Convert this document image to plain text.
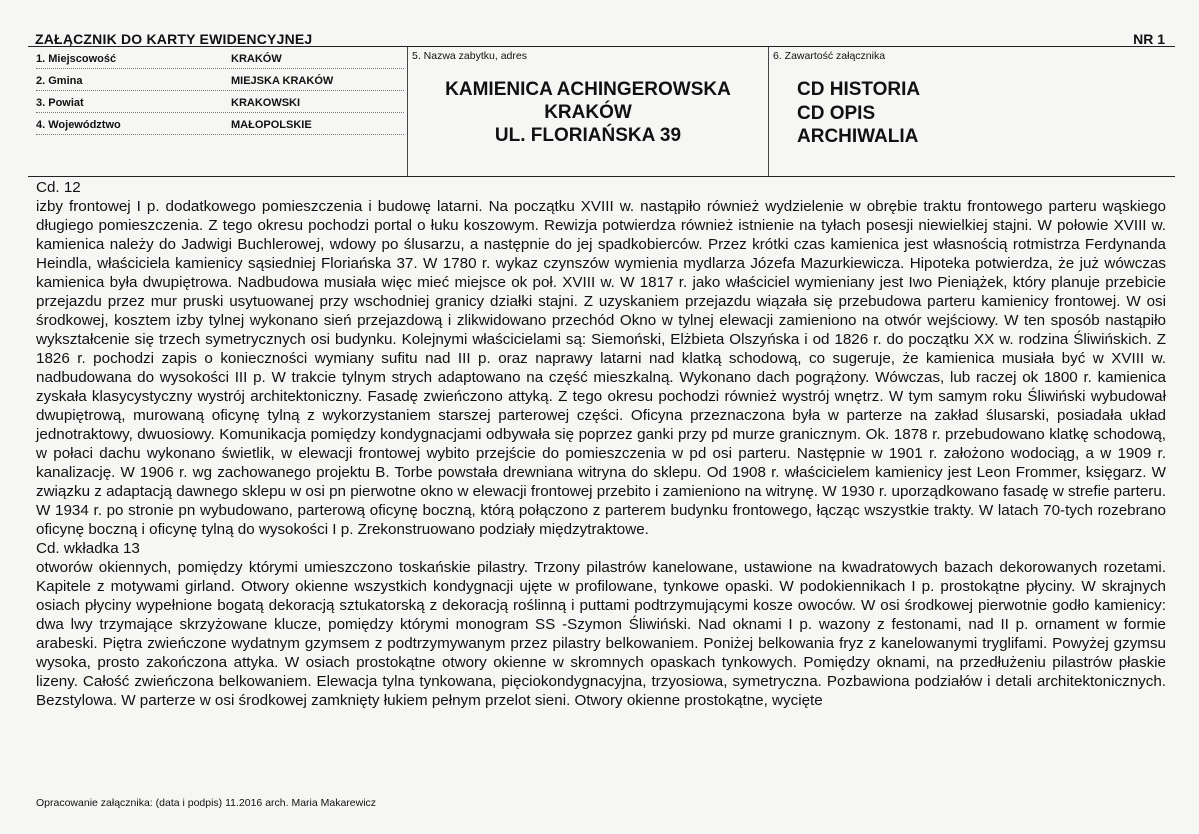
ZAŁĄCZNIK DO KARTY EWIDENCYJNEJ	NR 1
1. Miejscowość	KRAKÓW
2. Gmina	MIEJSKA KRAKÓW
3. Powiat	KRAKOWSKI
4. Województwo	MAŁOPOLSKIE
5. Nazwa zabytku, adres
KAMIENICA ACHINGEROWSKA
KRAKÓW
UL. FLORIAŃSKA 39
6. Zawartość załącznika
CD HISTORIA
CD OPIS
ARCHIWALIA
Cd. 12

izby frontowej I p. dodatkowego pomieszczenia i budowę latarni. Na początku XVIII w. nastąpiło również wydzielenie w obrębie traktu frontowego parteru wąskiego długiego pomieszczenia. Z tego okresu pochodzi portal o łuku koszowym. Rewizja potwierdza również istnienie na tyłach posesji niewielkiej stajni. W połowie XVIII w. kamienica należy do Jadwigi Buchlerowej, wdowy po ślusarzu, a następnie do jej spadkobierców. Przez krótki czas kamienica jest własnością rotmistrza Ferdynanda Heindla, właściciela kamienicy sąsiedniej Floriańska 37. W 1780 r. wykaz czynszów wymienia mydlarza Józefa Mazurkiewicza. Hipoteka potwierdza, że już wówczas kamienica była dwupiętrowa. Nadbudowa musiała więc mieć miejsce ok poł. XVIII w. W 1817 r. jako właściciel wymieniany jest Iwo Pieniążek, który planuje przebicie przejazdu przez mur pruski usytuowanej przy wschodniej granicy działki stajni. Z uzyskaniem przejazdu wiązała się przebudowa parteru kamienicy frontowej. W osi środkowej, kosztem izby tylnej wykonano sień przejazdową i zlikwidowano przechód Okno w tylnej elewacji zamieniono na otwór wejściowy. W ten sposób nastąpiło wykształcenie się trzech symetrycznych osi budynku. Kolejnymi właścicielami są: Siemoński, Elżbieta Olszyńska i od 1826 r. do początku XX w. rodzina Śliwińskich. Z 1826 r. pochodzi zapis o konieczności wymiany sufitu nad III p. oraz naprawy latarni nad klatką schodową, co sugeruje, że kamienica musiała być w XVIII w. nadbudowana do wysokości III p. W trakcie tylnym strych adaptowano na część mieszkalną. Wykonano dach pogrążony. Wówczas, lub raczej ok 1800 r. kamienica zyskała klasycystyczny wystrój architektoniczny. Fasadę zwieńczono attyką. Z tego okresu pochodzi również wystrój wnętrz. W tym samym roku Śliwiński wybudował dwupiętrową, murowaną oficynę tylną z wykorzystaniem starszej parterowej części. Oficyna przeznaczona była w parterze na zakład ślusarski, posiadała układ jednotraktowy, dwuosiowy. Komunikacja pomiędzy kondygnacjami odbywała się poprzez ganki przy pd murze granicznym. Ok. 1878 r. przebudowano klatkę schodową, w połaci dachu wykonano świetlik, w elewacji frontowej wybito przejście do pomieszczenia w pd osi parteru. Następnie w 1901 r. założono wodociąg, a w 1909 r. kanalizację. W 1906 r. wg zachowanego projektu B. Torbe powstała drewniana witryna do sklepu. Od 1908 r. właścicielem kamienicy jest Leon Frommer, księgarz. W związku z adaptacją dawnego sklepu w osi pn pierwotne okno w elewacji frontowej przebito i zamieniono na witrynę. W 1930 r. uporządkowano fasadę w strefie parteru. W 1934 r. po stronie pn wybudowano, parterową oficynę boczną, którą połączono z parterem budynku frontowego, łącząc wszystkie trakty. W latach 70-tych rozebrano oficynę boczną i oficynę tylną do wysokości I p. Zrekonstruowano podziały międzytraktowe.

Cd. wkładka 13

otworów okiennych, pomiędzy którymi umieszczono toskańskie pilastry. Trzony pilastrów kanelowane, ustawione na kwadratowych bazach dekorowanych rozetami. Kapitele z motywami girland. Otwory okienne wszystkich kondygnacji ujęte w profilowane, tynkowe opaski. W podokiennikach I p. prostokątne płyciny. W skrajnych osiach płyciny wypełnione bogatą dekoracją sztukatorską z dekoracją roślinną i puttami podtrzymującymi kosze owoców. W osi środkowej pierwotnie godło kamienicy: dwa lwy trzymające skrzyżowane klucze, pomiędzy którymi monogram SS -Szymon Śliwiński. Nad oknami I p. wazony z festonami, nad II p. ornament w formie arabeski. Piętra zwieńczone wydatnym gzymsem z podtrzymywanym przez pilastry belkowaniem. Poniżej belkowania fryz z kanelowanymi tryglifami. Powyżej gzymsu wysoka, prosto zakończona attyka. W osiach prostokątne otwory okienne w skromnych opaskach tynkowych. Pomiędzy oknami, na przedłużeniu pilastrów płaskie lizeny. Całość zwieńczona belkowaniem. Elewacja tylna tynkowana, pięciokondygnacyjna, trzyosiowa, symetryczna. Pozbawiona podziałów i detali architektonicznych. Bezstylowa. W parterze w osi środkowej zamknięty łukiem pełnym przelot sieni. Otwory okienne prostokątne, wycięte

Opracowanie załącznika: (data i podpis) 11.2016 arch. Maria Makarewicz
